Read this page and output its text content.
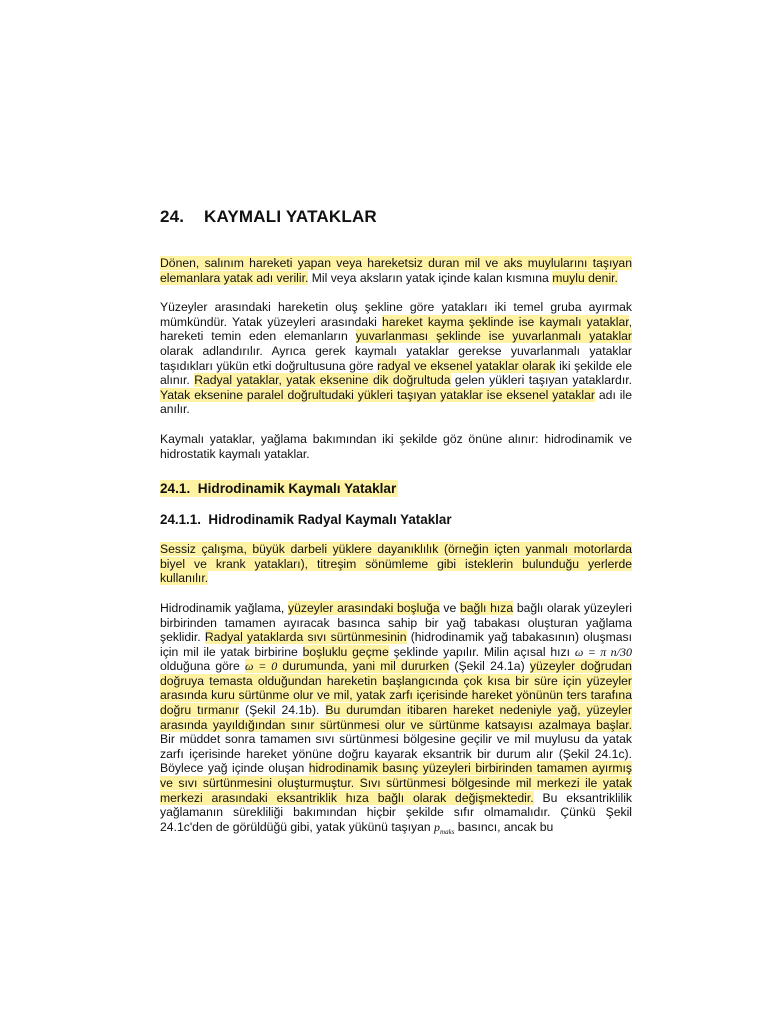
24. KAYMALI YATAKLAR

Dönen, salınım hareketi yapan veya hareketsiz duran mil ve aks muylularını taşıyan elemanlara yatak adı verilir. Mil veya aksların yatak içinde kalan kısmına muylu denir.

Yüzeyler arasındaki hareketin oluş şekline göre yatakları iki temel gruba ayırmak mümkündür. Yatak yüzeyleri arasındaki hareket kayma şeklinde ise kaymalı yataklar, hareketi temin eden elemanların yuvarlanması şeklinde ise yuvarlanmalı yataklar olarak adlandırılır. Ayrıca gerek kaymalı yataklar gerekse yuvarlanmalı yataklar taşıdıkları yükün etki doğrultusuna göre radyal ve eksenel yataklar olarak iki şekilde ele alınır. Radyal yataklar, yatak eksenine dik doğrultuda gelen yükleri taşıyan yataklardır. Yatak eksenine paralel doğrultudaki yükleri taşıyan yataklar ise eksenel yataklar adı ile anılır.

Kaymalı yataklar, yağlama bakımından iki şekilde göz önüne alınır: hidrodinamik ve hidrostatik kaymalı yataklar.

24.1. Hidrodinamik Kaymalı Yataklar
24.1.1. Hidrodinamik Radyal Kaymalı Yataklar

Sessiz çalışma, büyük darbeli yüklere dayanıklılık (örneğin içten yanmalı motorlarda biyel ve krank yatakları), titreşim sönümleme gibi isteklerin bulunduğu yerlerde kullanılır.

Hidrodinamik yağlama, yüzeyler arasındaki boşluğa ve bağlı hıza bağlı olarak yüzeyleri birbirinden tamamen ayıracak basınca sahip bir yağ tabakası oluşturan yağlama şeklidir. Radyal yataklarda sıvı sürtünmesinin (hidrodinamik yağ tabakasının) oluşması için mil ile yatak birbirine boşluklu geçme şeklinde yapılır. Milin açısal hızı ω = π n/30 olduğuna göre ω = 0 durumunda, yani mil dururken (Şekil 24.1a) yüzeyler doğrudan doğruya temasta olduğundan hareketin başlangıcında çok kısa bir süre için yüzeyler arasında kuru sürtünme olur ve mil, yatak zarfı içerisinde hareket yönünün ters tarafına doğru tırmanır (Şekil 24.1b). Bu durumdan itibaren hareket nedeniyle yağ, yüzeyler arasında yayıldığından sınır sürtünmesi olur ve sürtünme katsayısı azalmaya başlar. Bir müddet sonra tamamen sıvı sürtünmesi bölgesine geçilir ve mil muylusu da yatak zarfı içerisinde hareket yönüne doğru kayarak eksantrik bir durum alır (Şekil 24.1c). Böylece yağ içinde oluşan hidrodinamik basınç yüzeyleri birbirinden tamamen ayırmış ve sıvı sürtünmesini oluşturmuştur. Sıvı sürtünmesi bölgesinde mil merkezi ile yatak merkezi arasındaki eksantriklik hıza bağlı olarak değişmektedir. Bu eksantriklilik yağlamanın sürekliliği bakımından hiçbir şekilde sıfır olmamalıdır. Çünkü Şekil 24.1c'den de görüldüğü gibi, yatak yükünü taşıyan $p_{maks}$ basıncı, ancak bu
